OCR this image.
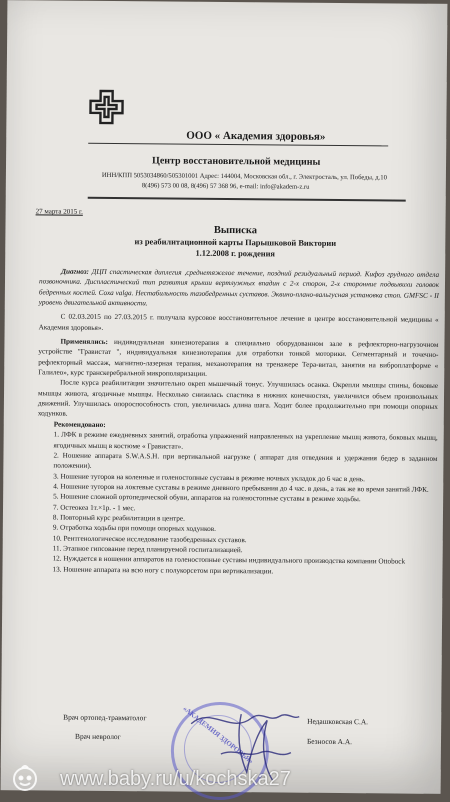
ООО « Академия здоровья»
Центр восстановительной медицины
ИНН/КПП 5053034860/505301001 Адрес: 144004, Московская обл., г. Электросталь, ул. Победы, д.10
8(496) 573 00 08, 8(496) 57 368 96, e-mail: info@akadem-z.ru
27 марта 2015 г.
Выписка
из реабилитационной карты Парышковой Виктории
1.12.2008 г. рождения

Диагноз: ДЦП спастическая диплегия ,среднетяжелое течение, поздний резидуальный период. Кифоз грудного отдела позвоночника. Диспластический тип развития крыши вертлужных впадин с 2-х сторон, 2-х сторонние подвывихи головок бедренных костей. Соха valga. Нестабильность тазобедренных суставов. Эквино-плано-вальгусная установка стоп. GMFSC - II уровень двигательной активности.

С 02.03.2015 по 27.03.2015 г. получала курсовое восстановительное лечение в центре восстановительной медицины « Академия здоровья».

Применялись: индивидуальная кинезиотерапия в специально оборудованном зале в рефлекторно-нагрузочном устройстве "Гравистат ", индивидуальная кинезиотерапия для отработки тонкой моторики. Сегментарный и точечно-рефлекторный массаж, магнитно-лазерная терапия, механотерапия на тренажере Тера-витал, занятия на виброплатформе « Галилео», курс транскеребральной микрополяризации.

После курса реабилитации значительно окреп мышечный тонус. Улучшилась осанка. Окрепли мышцы спины, боковые мышцы живота, ягодичные мышцы. Несколько снизилась спастика в нижних конечностях, увеличился объем произвольных движений. Улучшилась опороспособность стоп, увеличилась длина шага. Ходит более продолжительно при помощи опорных ходунков.

Рекомендовано:

1. ЛФК в режиме ежедневных занятий, отработка упражнений направленных на укрепление мышц живота, боковых мышц, ягодичных мышц в костюме « Гравистат».
2. Ношение аппарата S.W.A.S.H. при вертикальной нагрузке ( аппарат для отведения и удержания бедер в заданном положении).
3. Ношение туторов на коленные и голеностопные суставы в режиме ночных укладок до 6 час в день.
4. Ношение туторов на локтевые суставы в режиме дневного пребывания до 4 час. в день, а так же во время занятий ЛФК.
5. Ношение сложной ортопедической обуви, аппаратов на голеностопные суставы в режиме ходьбы.
7. Остеокеа 1т.×1р. - 1 мес.
8. Повторный курс реабилитации в центре.
9. Отработка ходьбы при помощи опорных ходунков.
10. Рентгенологическое исследование тазобедренных суставов.
11. Этапное гипсование перед планируемой госпитализацией.
12. Нуждается в ношении аппаратов на голеностопные суставы индивидуального производства компании Ottobock
13. Ношение аппарата на всю ногу с полукорсетом при вертикализации.
Врач ортопед-травматолог	Недашковская С.А.
Врач невролог
Безносов А.А.
«АКАДЕМИЯ ЗДОРОВЬЯ»
www.baby.ru/u/kochska27
